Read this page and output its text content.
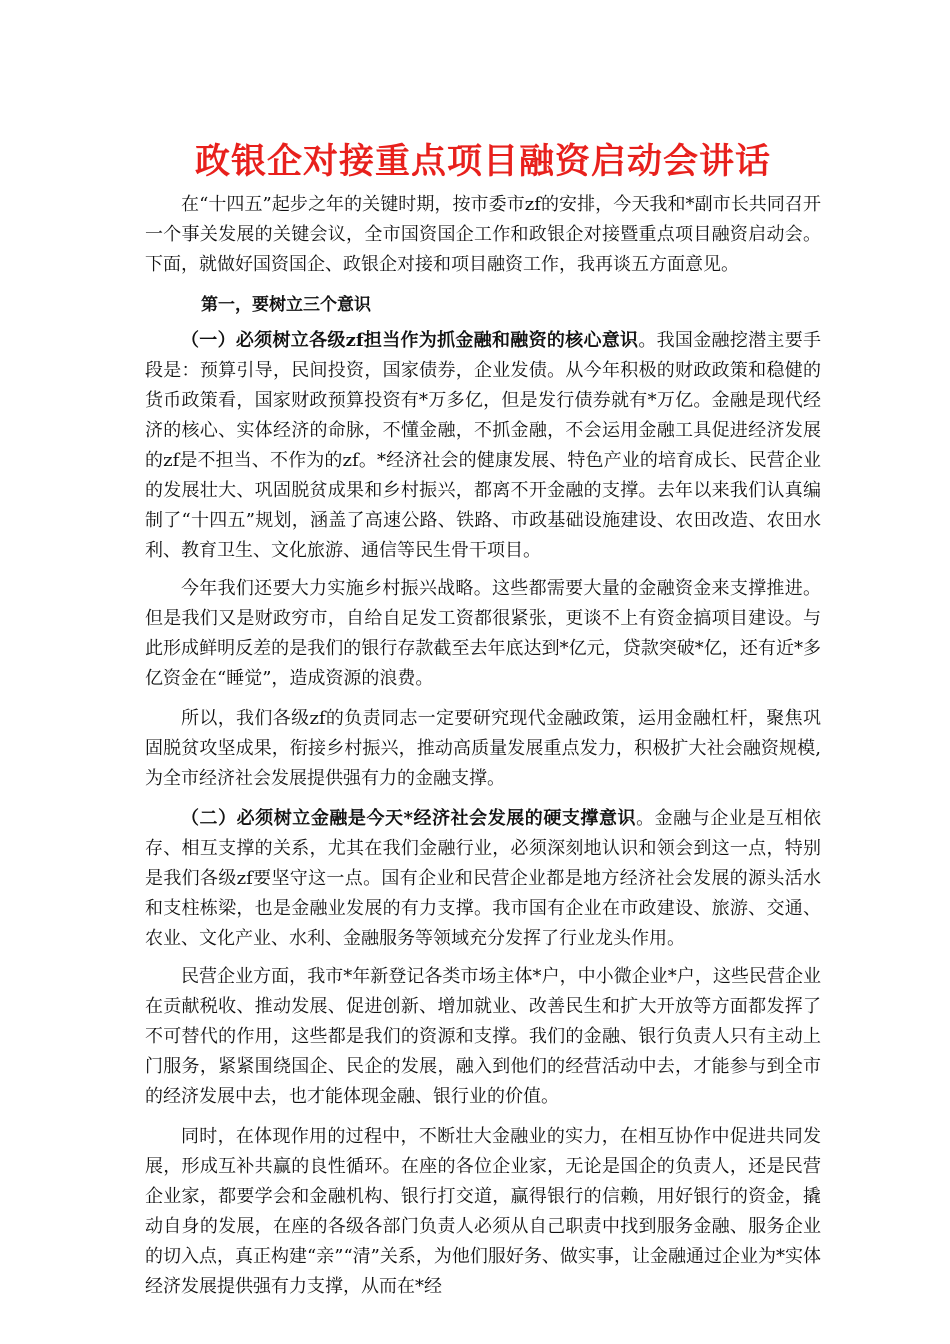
政银企对接重点项目融资启动会讲话

在“十四五”起步之年的关键时期，按市委市zf的安排，今天我和*副市长共同召开一个事关发展的关键会议，全市国资国企工作和政银企对接暨重点项目融资启动会。下面，就做好国资国企、政银企对接和项目融资工作，我再谈五方面意见。

第一，要树立三个意识

（一）必须树立各级zf担当作为抓金融和融资的核心意识。我国金融挖潜主要手段是：预算引导，民间投资，国家债券，企业发债。从今年积极的财政政策和稳健的货币政策看，国家财政预算投资有*万多亿，但是发行债券就有*万亿。金融是现代经济的核心、实体经济的命脉，不懂金融，不抓金融，不会运用金融工具促进经济发展的zf是不担当、不作为的zf。*经济社会的健康发展、特色产业的培育成长、民营企业的发展壮大、巩固脱贫成果和乡村振兴，都离不开金融的支撑。去年以来我们认真编制了“十四五”规划，涵盖了高速公路、铁路、市政基础设施建设、农田改造、农田水利、教育卫生、文化旅游、通信等民生骨干项目。

今年我们还要大力实施乡村振兴战略。这些都需要大量的金融资金来支撑推进。但是我们又是财政穷市，自给自足发工资都很紧张，更谈不上有资金搞项目建设。与此形成鲜明反差的是我们的银行存款截至去年底达到*亿元，贷款突破*亿，还有近*多亿资金在“睡觉”，造成资源的浪费。

所以，我们各级zf的负责同志一定要研究现代金融政策，运用金融杠杆，聚焦巩固脱贫攻坚成果，衔接乡村振兴，推动高质量发展重点发力，积极扩大社会融资规模,为全市经济社会发展提供强有力的金融支撑。

（二）必须树立金融是今天*经济社会发展的硬支撑意识。金融与企业是互相依存、相互支撑的关系，尤其在我们金融行业，必须深刻地认识和领会到这一点，特别是我们各级zf要坚守这一点。国有企业和民营企业都是地方经济社会发展的源头活水和支柱栋梁，也是金融业发展的有力支撑。我市国有企业在市政建设、旅游、交通、农业、文化产业、水利、金融服务等领域充分发挥了行业龙头作用。

民营企业方面，我市*年新登记各类市场主体*户，中小微企业*户，这些民营企业在贡献税收、推动发展、促进创新、增加就业、改善民生和扩大开放等方面都发挥了不可替代的作用，这些都是我们的资源和支撑。我们的金融、银行负责人只有主动上门服务，紧紧围绕国企、民企的发展，融入到他们的经营活动中去，才能参与到全市的经济发展中去，也才能体现金融、银行业的价值。

同时，在体现作用的过程中，不断壮大金融业的实力，在相互协作中促进共同发展，形成互补共赢的良性循环。在座的各位企业家，无论是国企的负责人，还是民营企业家，都要学会和金融机构、银行打交道，赢得银行的信赖，用好银行的资金，撬动自身的发展，在座的各级各部门负责人必须从自己职责中找到服务金融、服务企业的切入点，真正构建“亲”“清”关系，为他们服好务、做实事，让金融通过企业为*实体经济发展提供强有力支撑，从而在*经
